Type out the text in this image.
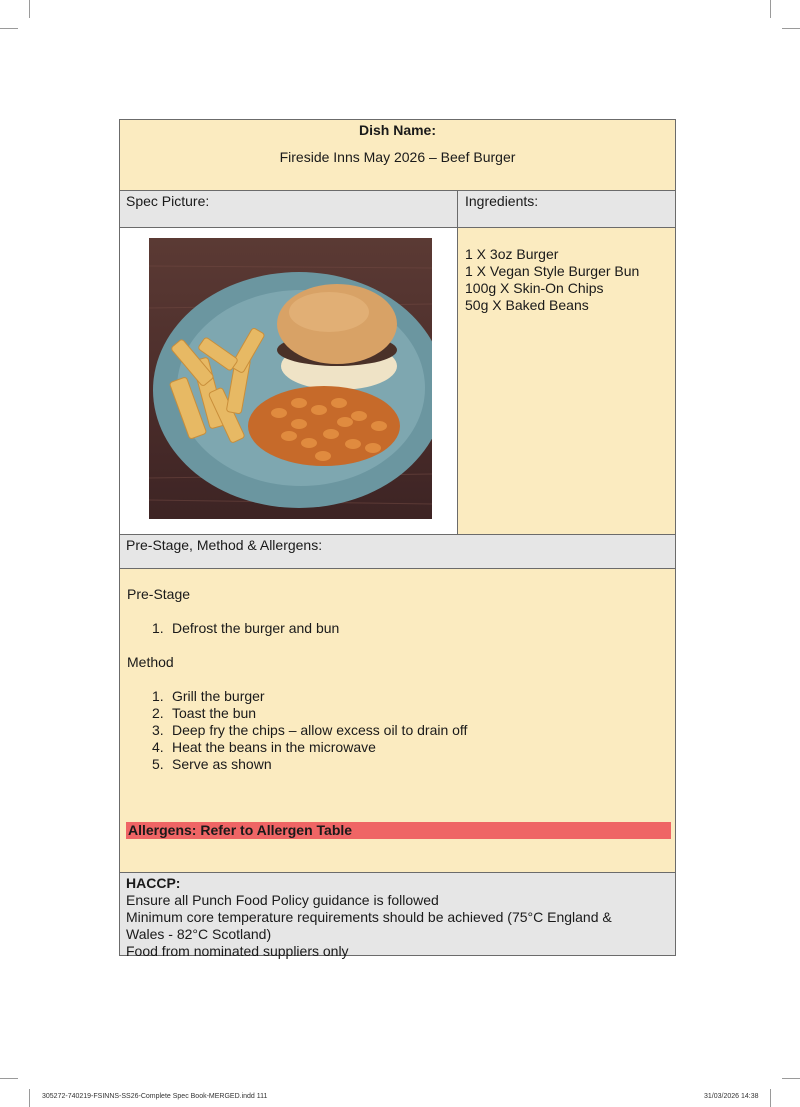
Dish Name:
Fireside Inns May 2026 – Beef Burger
Spec Picture:	Ingredients:
1 X 3oz Burger
1 X Vegan Style Burger Bun
100g X Skin-On Chips
50g X Baked Beans
Pre-Stage, Method & Allergens:
Pre-Stage
1. Defrost the burger and bun
Method
1. Grill the burger
2. Toast the bun
3. Deep fry the chips – allow excess oil to drain off
4. Heat the beans in the microwave
5. Serve as shown
Allergens: Refer to Allergen Table
HACCP:
Ensure all Punch Food Policy guidance is followed
Minimum core temperature requirements should be achieved (75°C England &
Wales - 82°C Scotland)
Food from nominated suppliers only
305272-740219-FSINNS-SS26-Complete Spec Book-MERGED.indd 111	31/03/2026 14:38
